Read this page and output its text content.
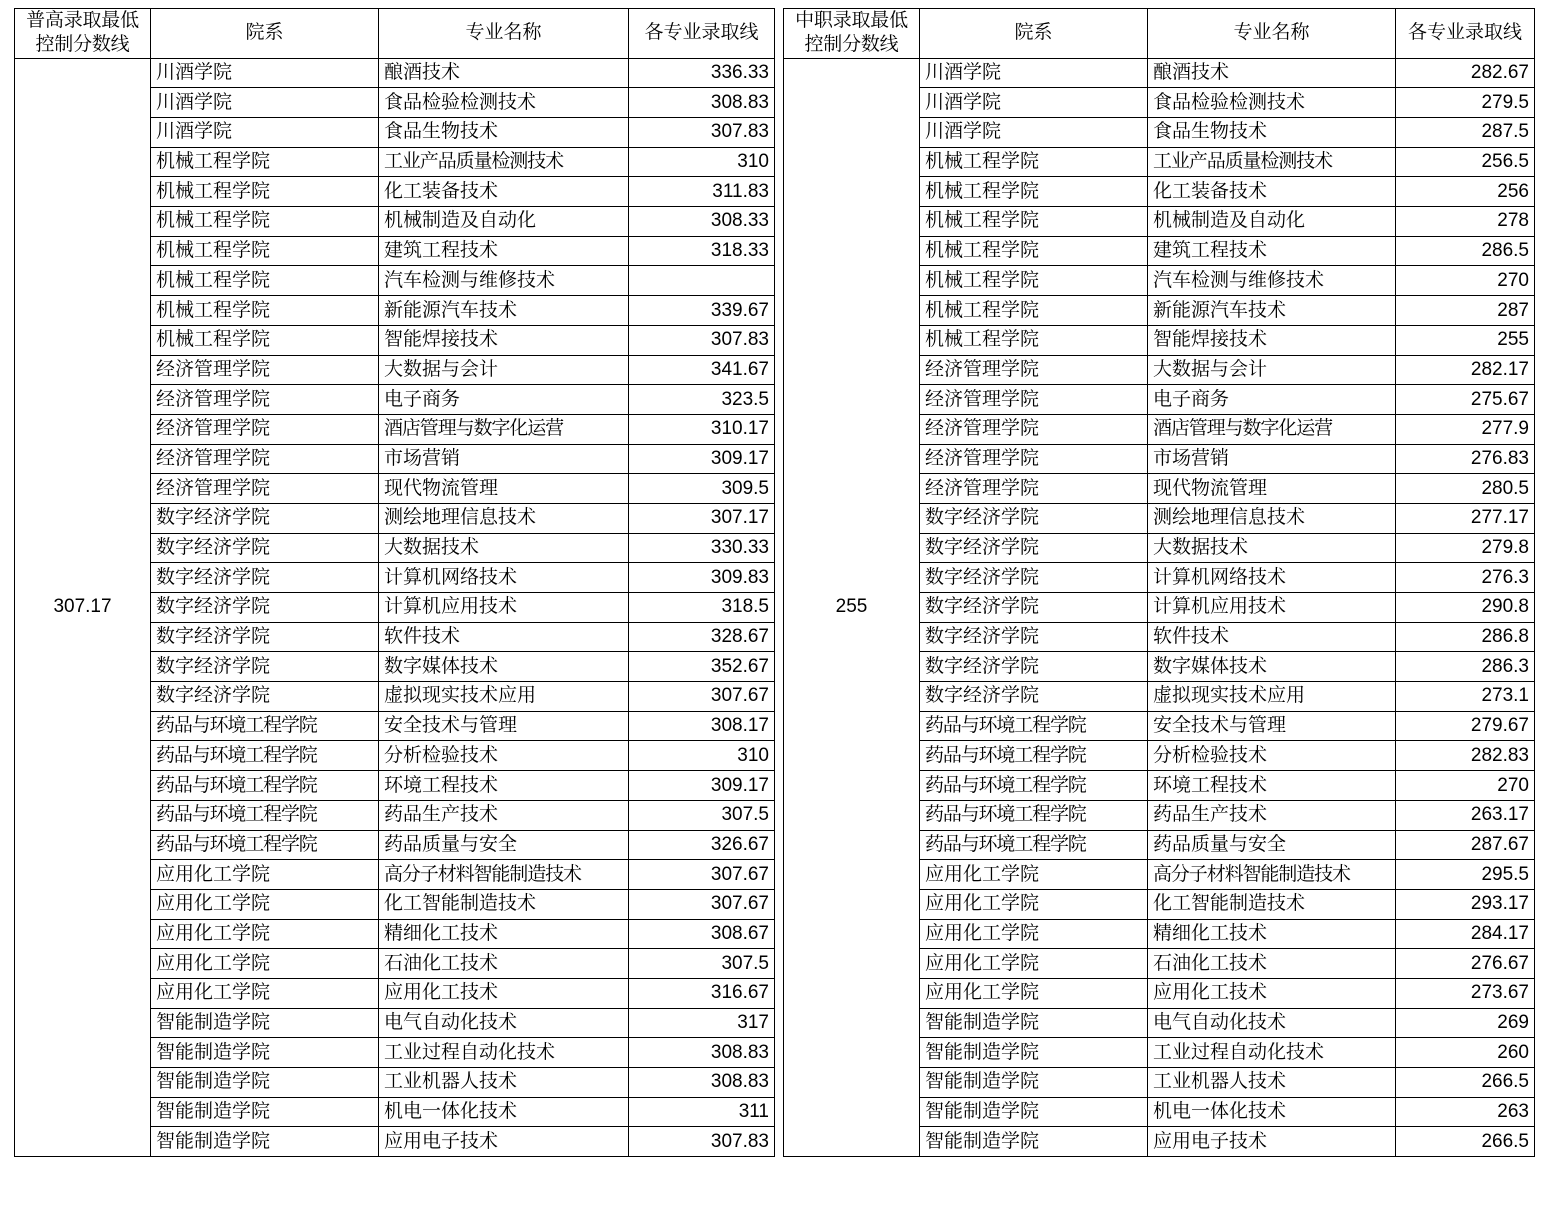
普高录取最低
控制分数线	院系	专业名称	各专业录取线
307.17	川酒学院	酿酒技术	336.33
	川酒学院	食品检验检测技术	308.83
	川酒学院	食品生物技术	307.83
	机械工程学院	工业产品质量检测技术	310
	机械工程学院	化工装备技术	311.83
	机械工程学院	机械制造及自动化	308.33
	机械工程学院	建筑工程技术	318.33
	机械工程学院	汽车检测与维修技术	
	机械工程学院	新能源汽车技术	339.67
	机械工程学院	智能焊接技术	307.83
	经济管理学院	大数据与会计	341.67
	经济管理学院	电子商务	323.5
	经济管理学院	酒店管理与数字化运营	310.17
	经济管理学院	市场营销	309.17
	经济管理学院	现代物流管理	309.5
	数字经济学院	测绘地理信息技术	307.17
	数字经济学院	大数据技术	330.33
	数字经济学院	计算机网络技术	309.83
	数字经济学院	计算机应用技术	318.5
	数字经济学院	软件技术	328.67
	数字经济学院	数字媒体技术	352.67
	数字经济学院	虚拟现实技术应用	307.67
	药品与环境工程学院	安全技术与管理	308.17
	药品与环境工程学院	分析检验技术	310
	药品与环境工程学院	环境工程技术	309.17
	药品与环境工程学院	药品生产技术	307.5
	药品与环境工程学院	药品质量与安全	326.67
	应用化工学院	高分子材料智能制造技术	307.67
	应用化工学院	化工智能制造技术	307.67
	应用化工学院	精细化工技术	308.67
	应用化工学院	石油化工技术	307.5
	应用化工学院	应用化工技术	316.67
	智能制造学院	电气自动化技术	317
	智能制造学院	工业过程自动化技术	308.83
	智能制造学院	工业机器人技术	308.83
	智能制造学院	机电一体化技术	311
	智能制造学院	应用电子技术	307.83
中职录取最低
控制分数线	院系	专业名称	各专业录取线
255	川酒学院	酿酒技术	282.67
	川酒学院	食品检验检测技术	279.5
	川酒学院	食品生物技术	287.5
	机械工程学院	工业产品质量检测技术	256.5
	机械工程学院	化工装备技术	256
	机械工程学院	机械制造及自动化	278
	机械工程学院	建筑工程技术	286.5
	机械工程学院	汽车检测与维修技术	270
	机械工程学院	新能源汽车技术	287
	机械工程学院	智能焊接技术	255
	经济管理学院	大数据与会计	282.17
	经济管理学院	电子商务	275.67
	经济管理学院	酒店管理与数字化运营	277.9
	经济管理学院	市场营销	276.83
	经济管理学院	现代物流管理	280.5
	数字经济学院	测绘地理信息技术	277.17
	数字经济学院	大数据技术	279.8
	数字经济学院	计算机网络技术	276.3
	数字经济学院	计算机应用技术	290.8
	数字经济学院	软件技术	286.8
	数字经济学院	数字媒体技术	286.3
	数字经济学院	虚拟现实技术应用	273.1
	药品与环境工程学院	安全技术与管理	279.67
	药品与环境工程学院	分析检验技术	282.83
	药品与环境工程学院	环境工程技术	270
	药品与环境工程学院	药品生产技术	263.17
	药品与环境工程学院	药品质量与安全	287.67
	应用化工学院	高分子材料智能制造技术	295.5
	应用化工学院	化工智能制造技术	293.17
	应用化工学院	精细化工技术	284.17
	应用化工学院	石油化工技术	276.67
	应用化工学院	应用化工技术	273.67
	智能制造学院	电气自动化技术	269
	智能制造学院	工业过程自动化技术	260
	智能制造学院	工业机器人技术	266.5
	智能制造学院	机电一体化技术	263
	智能制造学院	应用电子技术	266.5
